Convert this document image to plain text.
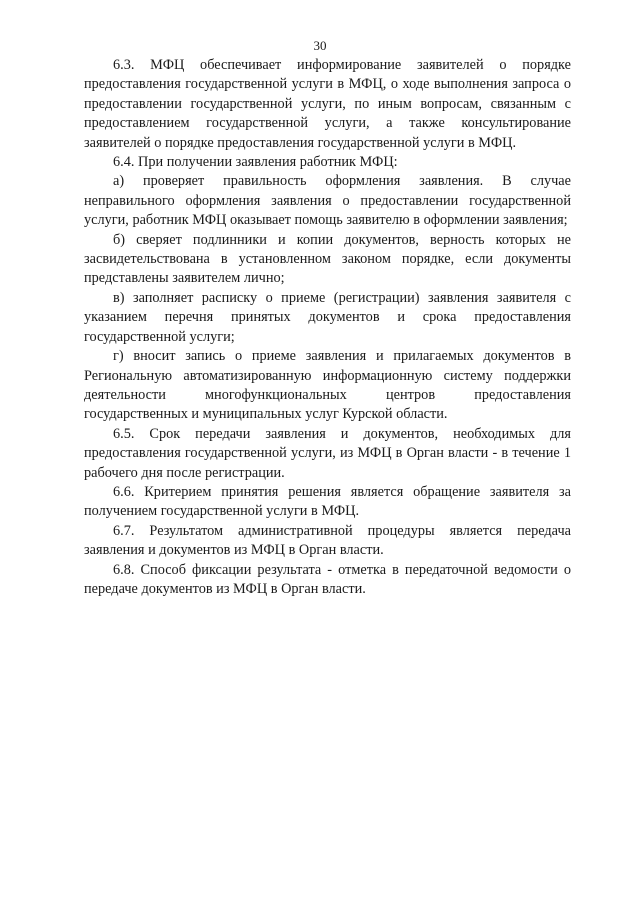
30

6.3. МФЦ обеспечивает информирование заявителей о порядке предоставления государственной услуги в МФЦ, о ходе выполнения запроса о предоставлении государственной услуги, по иным вопросам, связанным с предоставлением государственной услуги, а также консультирование заявителей о порядке предоставления государственной услуги в МФЦ.

6.4. При получении заявления работник МФЦ:

а) проверяет правильность оформления заявления. В случае неправильного оформления заявления о предоставлении государственной услуги, работник МФЦ оказывает помощь заявителю в оформлении заявления;

б) сверяет подлинники и копии документов, верность которых не засвидетельствована в установленном законом порядке, если документы представлены заявителем лично;

в) заполняет расписку о приеме (регистрации) заявления заявителя с указанием перечня принятых документов и срока предоставления государственной услуги;

г) вносит запись о приеме заявления и прилагаемых документов в Региональную автоматизированную информационную систему поддержки деятельности многофункциональных центров предоставления государственных и муниципальных услуг Курской области.

6.5. Срок передачи заявления и документов, необходимых для предоставления государственной услуги, из МФЦ в Орган власти - в течение 1 рабочего дня после регистрации.

6.6. Критерием принятия решения является обращение заявителя за получением государственной услуги в МФЦ.

6.7. Результатом административной процедуры является передача заявления и документов из МФЦ в Орган власти.

6.8. Способ фиксации результата - отметка в передаточной ведомости о передаче документов из МФЦ в Орган власти.
